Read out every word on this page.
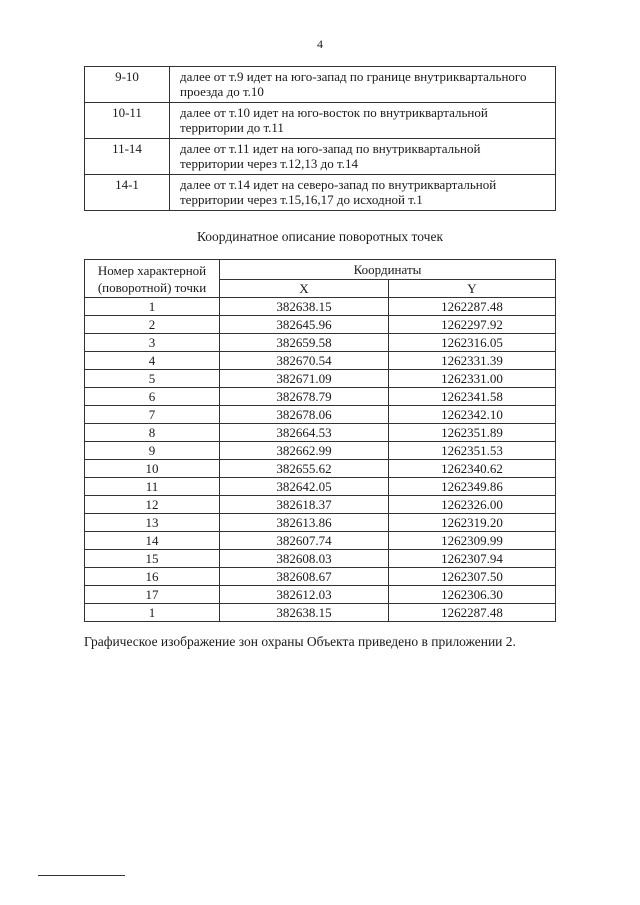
4
9-10	далее от т.9 идет на юго-запад по границе внутриквартального
проезда до т.10
10-11	далее от т.10 идет на юго-восток по внутриквартальной
территории до т.11
11-14	далее от т.11 идет на юго-запад по внутриквартальной
территории через т.12,13 до т.14
14-1	далее от т.14 идет на северо-запад по внутриквартальной
территории через т.15,16,17 до исходной т.1
Координатное описание поворотных точек
Номер характерной
(поворотной) точки	Координаты	
	X	Y
1	382638.15	1262287.48
2	382645.96	1262297.92
3	382659.58	1262316.05
4	382670.54	1262331.39
5	382671.09	1262331.00
6	382678.79	1262341.58
7	382678.06	1262342.10
8	382664.53	1262351.89
9	382662.99	1262351.53
10	382655.62	1262340.62
11	382642.05	1262349.86
12	382618.37	1262326.00
13	382613.86	1262319.20
14	382607.74	1262309.99
15	382608.03	1262307.94
16	382608.67	1262307.50
17	382612.03	1262306.30
1	382638.15	1262287.48
Графическое изображение зон охраны Объекта приведено в приложении 2.
